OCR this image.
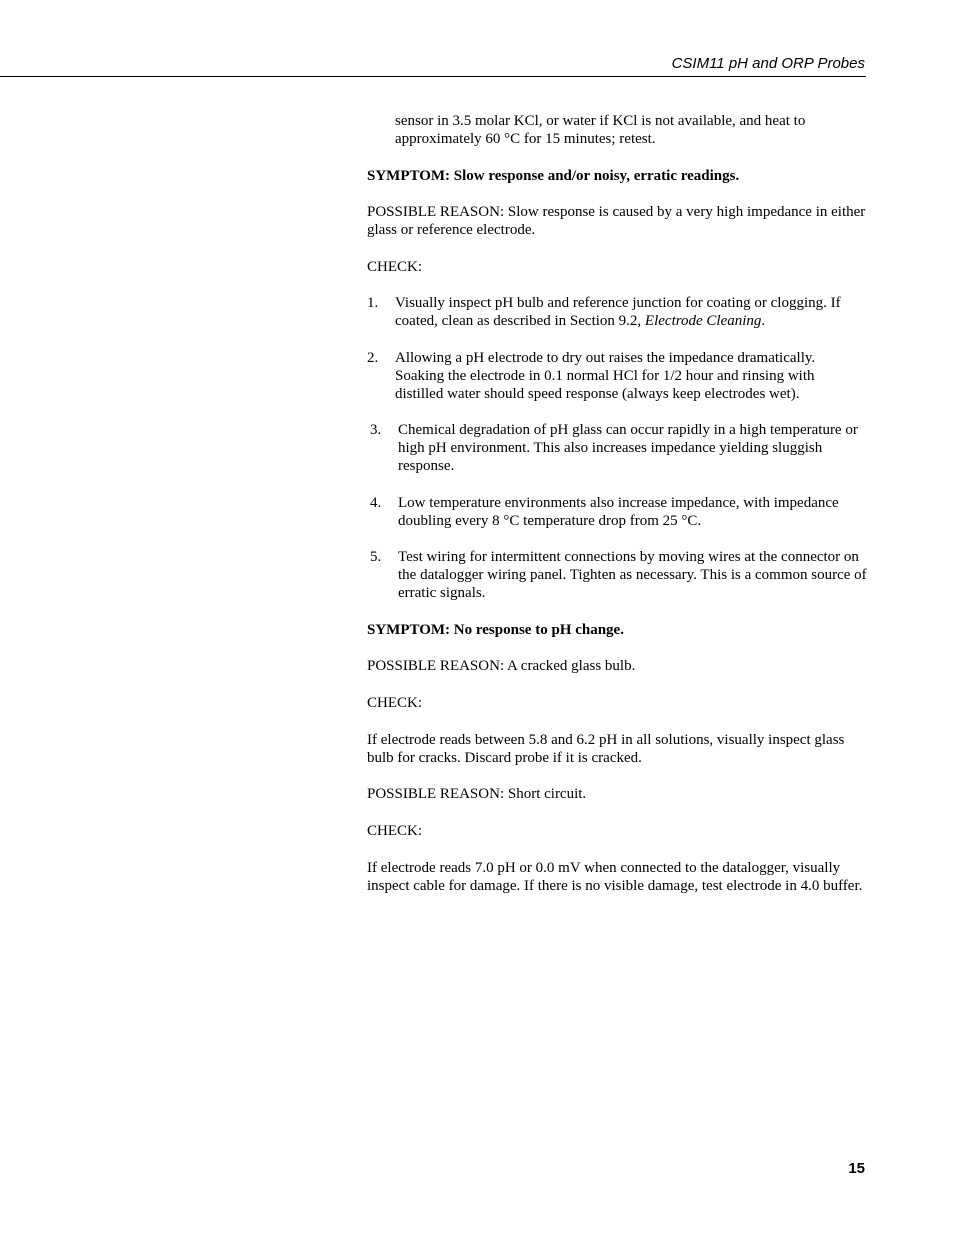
CSIM11 pH and ORP Probes
sensor in 3.5 molar KCl, or water if KCl is not available, and heat to approximately 60 °C for 15 minutes; retest.
SYMPTOM: Slow response and/or noisy, erratic readings.
POSSIBLE REASON: Slow response is caused by a very high impedance in either glass or reference electrode.
CHECK:
1. Visually inspect pH bulb and reference junction for coating or clogging. If coated, clean as described in Section 9.2, Electrode Cleaning.
2. Allowing a pH electrode to dry out raises the impedance dramatically. Soaking the electrode in 0.1 normal HCl for 1/2 hour and rinsing with distilled water should speed response (always keep electrodes wet).
3. Chemical degradation of pH glass can occur rapidly in a high temperature or high pH environment. This also increases impedance yielding sluggish response.
4. Low temperature environments also increase impedance, with impedance doubling every 8 °C temperature drop from 25 °C.
5. Test wiring for intermittent connections by moving wires at the connector on the datalogger wiring panel. Tighten as necessary. This is a common source of erratic signals.
SYMPTOM: No response to pH change.
POSSIBLE REASON: A cracked glass bulb.
CHECK:
If electrode reads between 5.8 and 6.2 pH in all solutions, visually inspect glass bulb for cracks. Discard probe if it is cracked.
POSSIBLE REASON: Short circuit.
CHECK:
If electrode reads 7.0 pH or 0.0 mV when connected to the datalogger, visually inspect cable for damage. If there is no visible damage, test electrode in 4.0 buffer.
15
